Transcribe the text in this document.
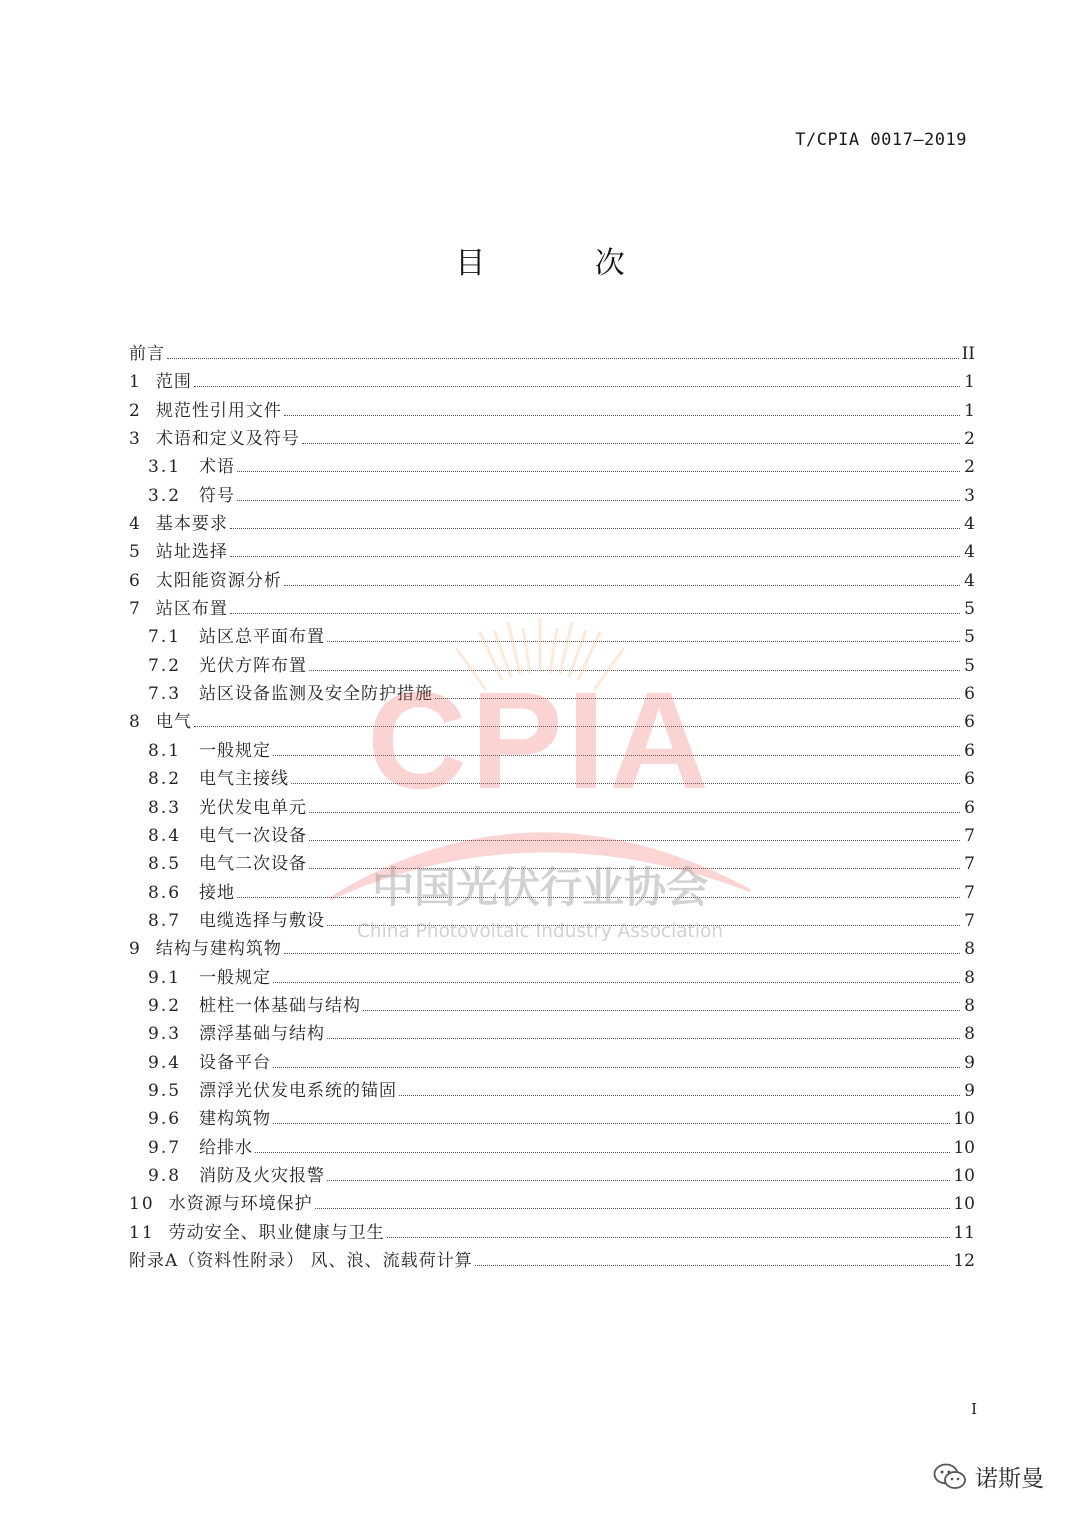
T/CPIA 0017—2019
目 次
前言	II
1 范围	1
2 规范性引用文件	1
3 术语和定义及符号	2
3.1 术语	2
3.2 符号	3
4 基本要求	4
5 站址选择	4
6 太阳能资源分析	4
7 站区布置	5
7.1 站区总平面布置	5
7.2 光伏方阵布置	5
7.3 站区设备监测及安全防护措施	6
8 电气	6
8.1 一般规定	6
8.2 电气主接线	6
8.3 光伏发电单元	6
8.4 电气一次设备	7
8.5 电气二次设备	7
8.6 接地	7
8.7 电缆选择与敷设	7
9 结构与建构筑物	8
9.1 一般规定	8
9.2 桩柱一体基础与结构	8
9.3 漂浮基础与结构	8
9.4 设备平台	9
9.5 漂浮光伏发电系统的锚固	9
9.6 建构筑物	10
9.7 给排水	10
9.8 消防及火灾报警	10
10 水资源与环境保护	10
11 劳动安全、职业健康与卫生	11
附录A（资料性附录） 风、浪、流载荷计算	12
CPIA
中国光伏行业协会
China Photovoltaic Industry Association
I
诺斯曼
